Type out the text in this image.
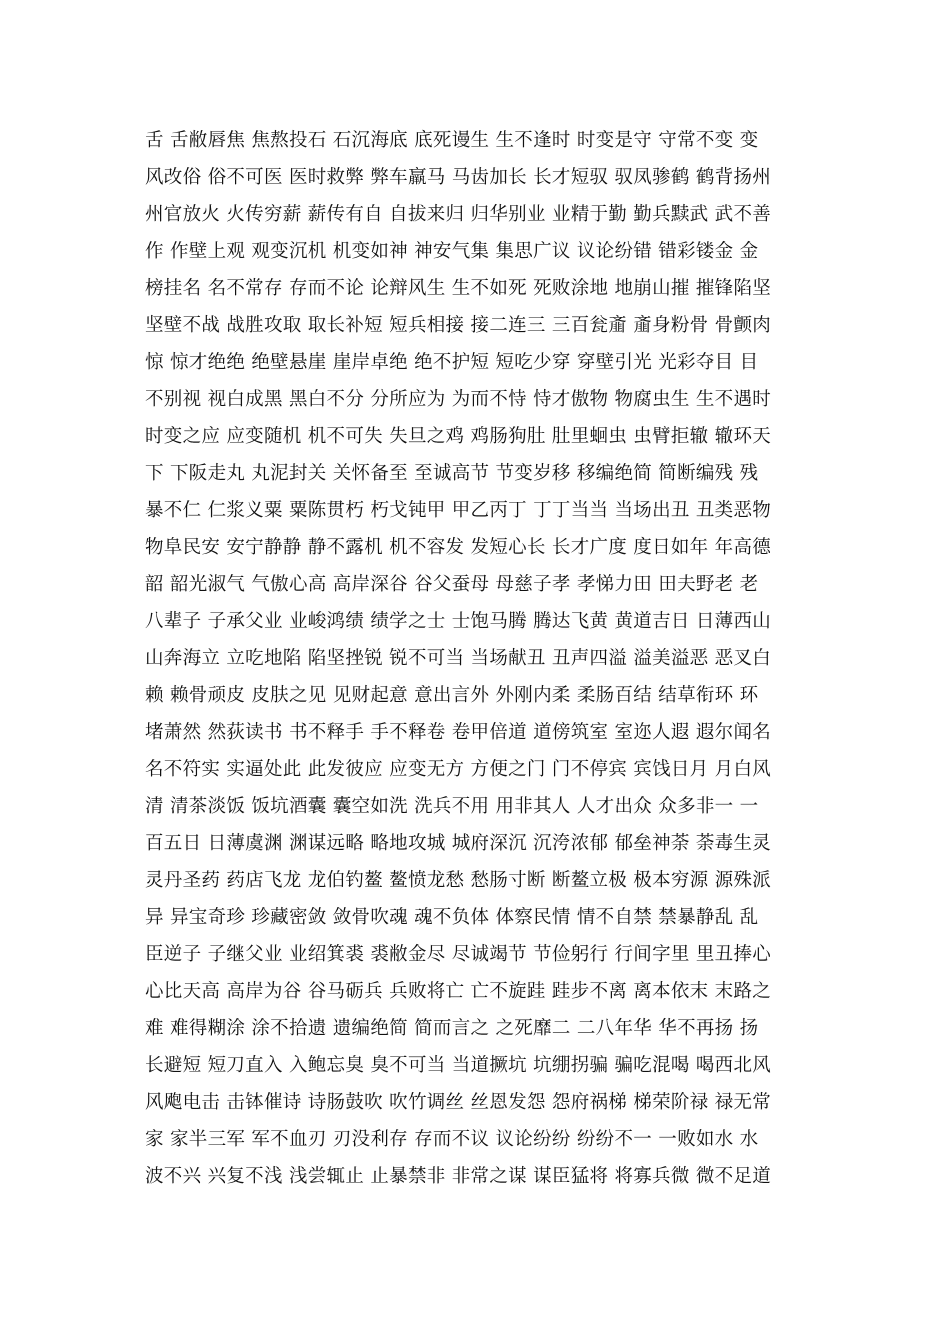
舌 舌敝唇焦 焦熬投石 石沉海底 底死谩生 生不逢时 时变是守 守常不变 变
风改俗 俗不可医 医时救弊 弊车羸马 马齿加长 长才短驭 驭凤骖鹤 鹤背扬州
州官放火 火传穷薪 薪传有自 自拔来归 归华别业 业精于勤 勤兵黩武 武不善
作 作壁上观 观变沉机 机变如神 神安气集 集思广议 议论纷错 错彩镂金 金
榜挂名 名不常存 存而不论 论辩风生 生不如死 死败涂地 地崩山摧 摧锋陷坚
坚壁不战 战胜攻取 取长补短 短兵相接 接二连三 三百瓮齑 齑身粉骨 骨颤肉
惊 惊才绝绝 绝壁悬崖 崖岸卓绝 绝不护短 短吃少穿 穿壁引光 光彩夺目 目
不别视 视白成黑 黑白不分 分所应为 为而不恃 恃才傲物 物腐虫生 生不遇时
时变之应 应变随机 机不可失 失旦之鸡 鸡肠狗肚 肚里蛔虫 虫臂拒辙 辙环天
下 下阪走丸 丸泥封关 关怀备至 至诚高节 节变岁移 移编绝简 简断编残 残
暴不仁 仁浆义粟 粟陈贯朽 朽戈钝甲 甲乙丙丁 丁丁当当 当场出丑 丑类恶物
物阜民安 安宁静静 静不露机 机不容发 发短心长 长才广度 度日如年 年高德
韶 韶光淑气 气傲心高 高岸深谷 谷父蚕母 母慈子孝 孝悌力田 田夫野老 老
八辈子 子承父业 业峻鸿绩 绩学之士 士饱马腾 腾达飞黄 黄道吉日 日薄西山
山奔海立 立吃地陷 陷坚挫锐 锐不可当 当场献丑 丑声四溢 溢美溢恶 恶叉白
赖 赖骨顽皮 皮肤之见 见财起意 意出言外 外刚内柔 柔肠百结 结草衔环 环
堵萧然 然荻读书 书不释手 手不释卷 卷甲倍道 道傍筑室 室迩人遐 遐尔闻名
名不符实 实逼处此 此发彼应 应变无方 方便之门 门不停宾 宾饯日月 月白风
清 清茶淡饭 饭坑酒囊 囊空如洗 洗兵不用 用非其人 人才出众 众多非一 一
百五日 日薄虞渊 渊谋远略 略地攻城 城府深沉 沉洿浓郁 郁垒神荼 荼毒生灵
灵丹圣药 药店飞龙 龙伯钓鳌 鳌愤龙愁 愁肠寸断 断鳌立极 极本穷源 源殊派
异 异宝奇珍 珍藏密敛 敛骨吹魂 魂不负体 体察民情 情不自禁 禁暴静乱 乱
臣逆子 子继父业 业绍箕裘 裘敝金尽 尽诚竭节 节俭躬行 行间字里 里丑捧心
心比天高 高岸为谷 谷马砺兵 兵败将亡 亡不旋跬 跬步不离 离本依末 末路之
难 难得糊涂 涂不拾遗 遗编绝简 简而言之 之死靡二 二八年华 华不再扬 扬
长避短 短刀直入 入鲍忘臭 臭不可当 当道撅坑 坑绷拐骗 骗吃混喝 喝西北风
风飑电击 击钵催诗 诗肠鼓吹 吹竹调丝 丝恩发怨 怨府祸梯 梯荣阶禄 禄无常
家 家半三军 军不血刃 刃没利存 存而不议 议论纷纷 纷纷不一 一败如水 水
波不兴 兴复不浅 浅尝辄止 止暴禁非 非常之谋 谋臣猛将 将寡兵微 微不足道
